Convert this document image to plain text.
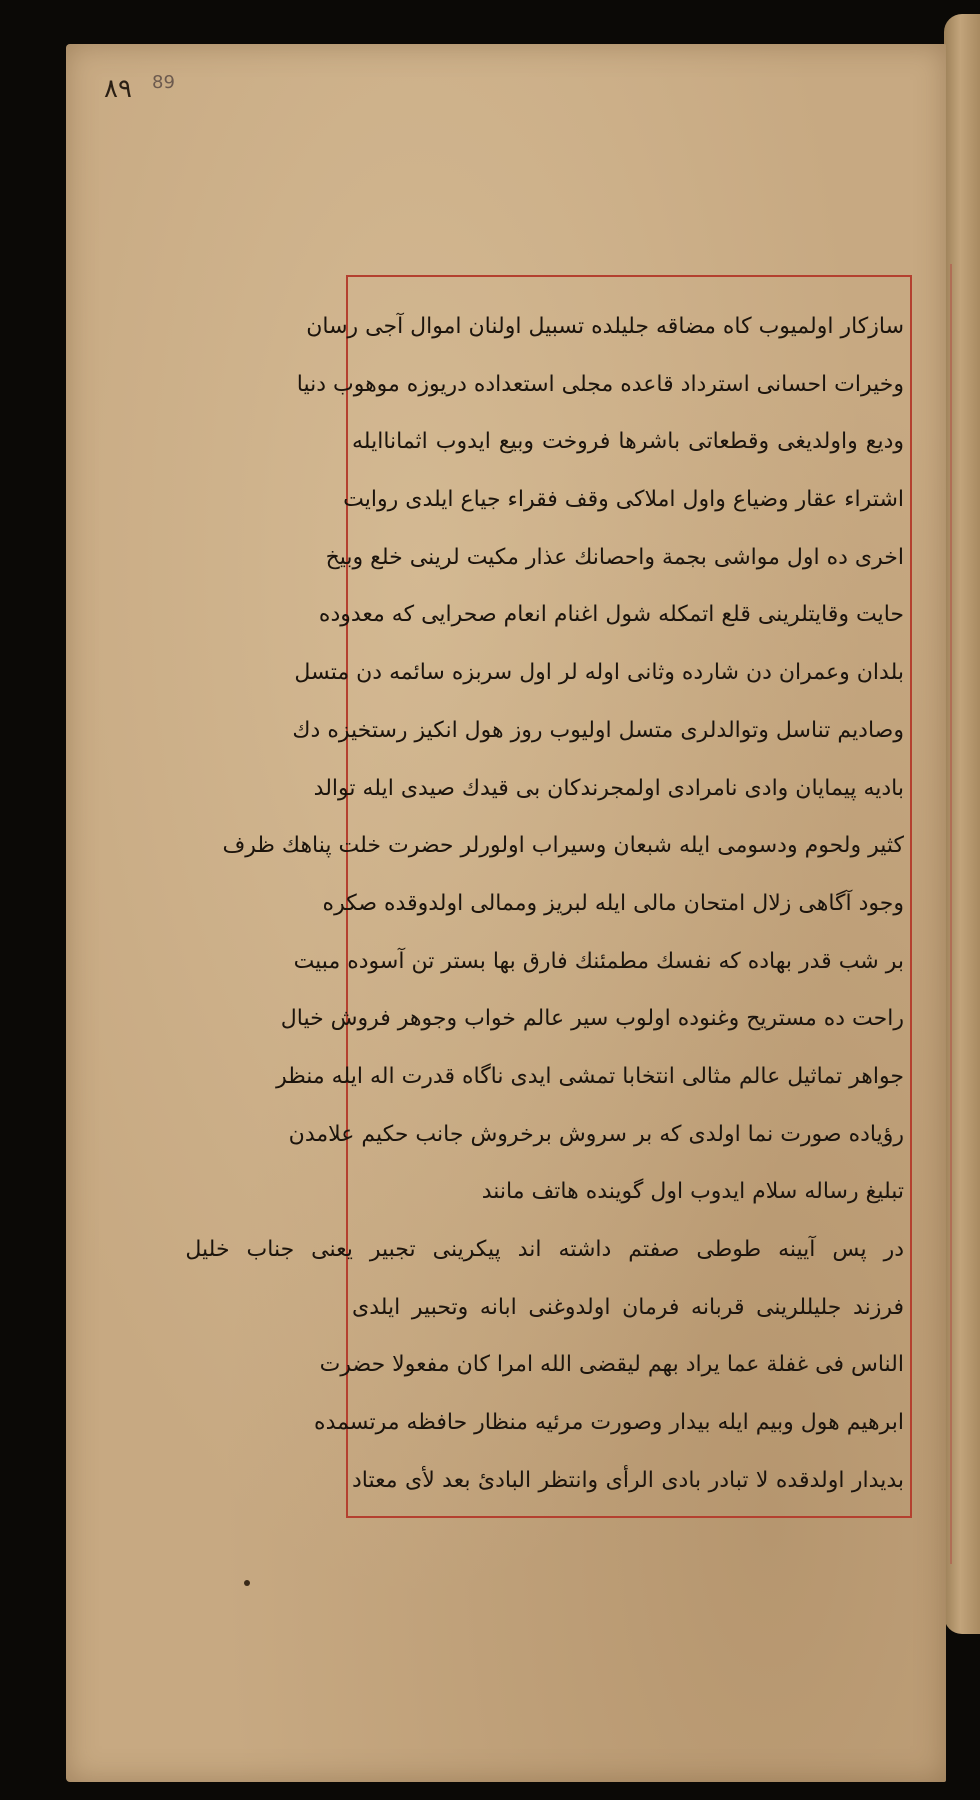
٨٩ 89
سازکار اولمیوب کاه مضاقه جلیلده تسبیل اولنان اموال آجی رسان
وخیرات احسانی استرداد قاعده مجلی استعداده دریوزه موهوب دنیا
ودیع واولدیغی وقطعاتی باشرها فروخت وبیع ایدوب اثماناایله
اشتراء عقار وضیاع واول املاکی وقف فقراء جیاع ایلدی روایت
اخری ده اول مواشی بجمة واحصانك عذار مکیت لرینی خلع وبیخ
حایت وقایتلرینی قلع اتمکله شول اغنام انعام صحرایی که معدوده
بلدان وعمران دن شارده وثانی اوله لر اول سربزه سائمه دن متسل
وصادیم تناسل وتوالدلری متسل اولیوب روز هول انکیز رستخیزه دك
بادیه پیمایان وادی نامرادی اولمجرندکان بی قیدك صیدی ایله توالد
کثیر ولحوم ودسومی ایله شبعان وسیراب اولورلر حضرت خلت پناهك ظرف
وجود آگاهی زلال امتحان مالی ایله لبریز وممالی اولدوقده صکره
بر شب قدر بهاده که نفسك مطمئنك فارق بها بستر تن آسوده مبیت
راحت ده مستریح وغنوده اولوب سیر عالم خواب وجوهر فروش خیال
جواهر تماثیل عالم مثالی انتخابا تمشی ایدی ناگاه قدرت اله ایله منظر
رؤیاده صورت نما اولدی که بر سروش برخروش جانب حکیم علامدن
تبلیغ رساله سلام ایدوب اول گوینده هاتف مانند
در پس آیینه طوطی صفتم داشته اند پیکرینی تجبیر یعنی جناب خلیل
فرزند جلیللرینی قربانه فرمان اولدوغنی ابانه وتحبیر ایلدی
الناس فی غفلة عما یراد بهم لیقضی الله امرا کان مفعولا حضرت
ابرهیم هول وبیم ایله بیدار وصورت مرئیه منظار حافظه مرتسمده
بدیدار اولدقده لا تبادر بادی الرأی وانتظر البادئ بعد لأی معتاد
